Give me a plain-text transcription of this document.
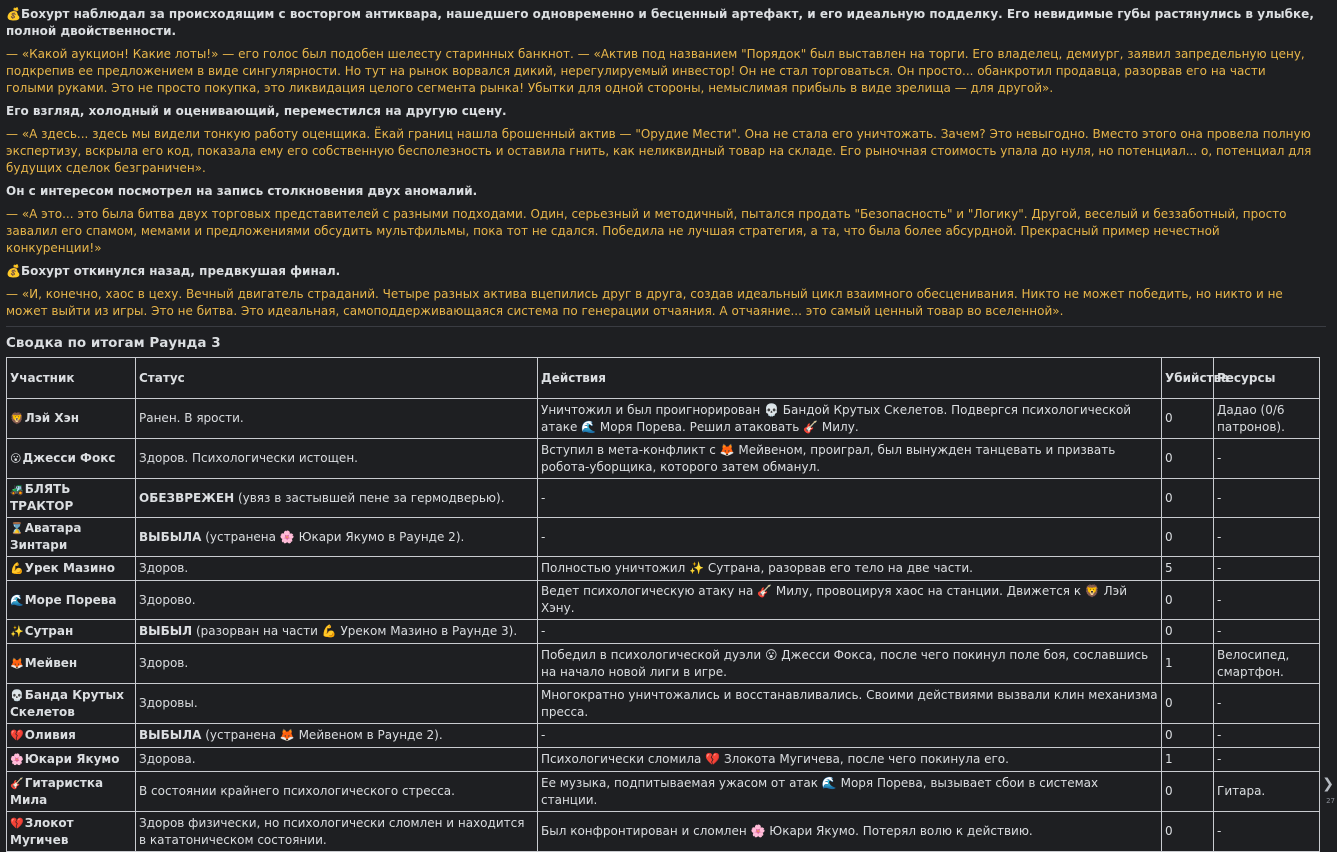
💰Бохурт наблюдал за происходящим с восторгом антиквара, нашедшего одновременно и бесценный артефакт, и его идеальную подделку. Его невидимые губы растянулись в улыбке, полной двойственности.

— «Какой аукцион! Какие лоты!» — его голос был подобен шелесту старинных банкнот. — «Актив под названием "Порядок" был выставлен на торги. Его владелец, демиург, заявил запредельную цену, подкрепив ее предложением в виде сингулярности. Но тут на рынок ворвался дикий, нерегулируемый инвестор! Он не стал торговаться. Он просто... обанкротил продавца, разорвав его на части голыми руками. Это не просто покупка, это ликвидация целого сегмента рынка! Убытки для одной стороны, немыслимая прибыль в виде зрелища — для другой».

Его взгляд, холодный и оценивающий, переместился на другую сцену.

— «А здесь... здесь мы видели тонкую работу оценщика. Ёкай границ нашла брошенный актив — "Орудие Мести". Она не стала его уничтожать. Зачем? Это невыгодно. Вместо этого она провела полную экспертизу, вскрыла его код, показала ему его собственную бесполезность и оставила гнить, как неликвидный товар на складе. Его рыночная стоимость упала до нуля, но потенциал... о, потенциал для будущих сделок безграничен».

Он с интересом посмотрел на запись столкновения двух аномалий.

— «А это... это была битва двух торговых представителей с разными подходами. Один, серьезный и методичный, пытался продать "Безопасность" и "Логику". Другой, веселый и беззаботный, просто завалил его спамом, мемами и предложениями обсудить мультфильмы, пока тот не сдался. Победила не лучшая стратегия, а та, что была более абсурдной. Прекрасный пример нечестной конкуренции!»

💰Бохурт откинулся назад, предвкушая финал.

— «И, конечно, хаос в цеху. Вечный двигатель страданий. Четыре разных актива вцепились друг в друга, создав идеальный цикл взаимного обесценивания. Никто не может победить, но никто и не может выйти из игры. Это не битва. Это идеальная, самоподдерживающаяся система по генерации отчаяния. А отчаяние... это самый ценный товар во вселенной».

Сводка по итогам Раунда 3
Участник	Статус	Действия	Убийства	Ресурсы
🦁Лэй Хэн	Ранен. В ярости.	Уничтожил и был проигнорирован 💀 Бандой Крутых Скелетов. Подвергся психологической атаке 🌊 Моря Порева. Решил атаковать 🎸 Милу.	0	Дадао (0/6 патронов).
😮Джесси Фокс	Здоров. Психологически истощен.	Вступил в мета-конфликт с 🦊 Мейвеном, проиграл, был вынужден танцевать и призвать робота-уборщика, которого затем обманул.	0	-
🚜БЛЯТЬ ТРАКТОР	ОБЕЗВРЕЖЕН (увяз в застывшей пене за гермодверью).	-	0	-
⌛Аватара Зинтари	ВЫБЫЛА (устранена 🌸 Юкари Якумо в Раунде 2).	-	0	-
💪Урек Мазино	Здоров.	Полностью уничтожил ✨ Сутрана, разорвав его тело на две части.	5	-
🌊Море Порева	Здорово.	Ведет психологическую атаку на 🎸 Милу, провоцируя хаос на станции. Движется к 🦁 Лэй Хэну.	0	-
✨Сутран	ВЫБЫЛ (разорван на части 💪 Уреком Мазино в Раунде 3).	-	0	-
🦊Мейвен	Здоров.	Победил в психологической дуэли 😮 Джесси Фокса, после чего покинул поле боя, сославшись на начало новой лиги в игре.	1	Велосипед, смартфон.
💀Банда Крутых Скелетов	Здоровы.	Многократно уничтожались и восстанавливались. Своими действиями вызвали клин механизма пресса.	0	-
💔Оливия	ВЫБЫЛА (устранена 🦊 Мейвеном в Раунде 2).	-	0	-
🌸Юкари Якумо	Здорова.	Психологически сломила 💔 Злокота Мугичева, после чего покинула его.	1	-
🎸Гитаристка Мила	В состоянии крайнего психологического стресса.	Ее музыка, подпитываемая ужасом от атак 🌊 Моря Порева, вызывает сбои в системах станции.	0	Гитара.
💔Злокот Мугичев	Здоров физически, но психологически сломлен и находится в кататоническом состоянии.	Был конфронтирован и сломлен 🌸 Юкари Якумо. Потерял волю к действию.	0	-
❯
27
